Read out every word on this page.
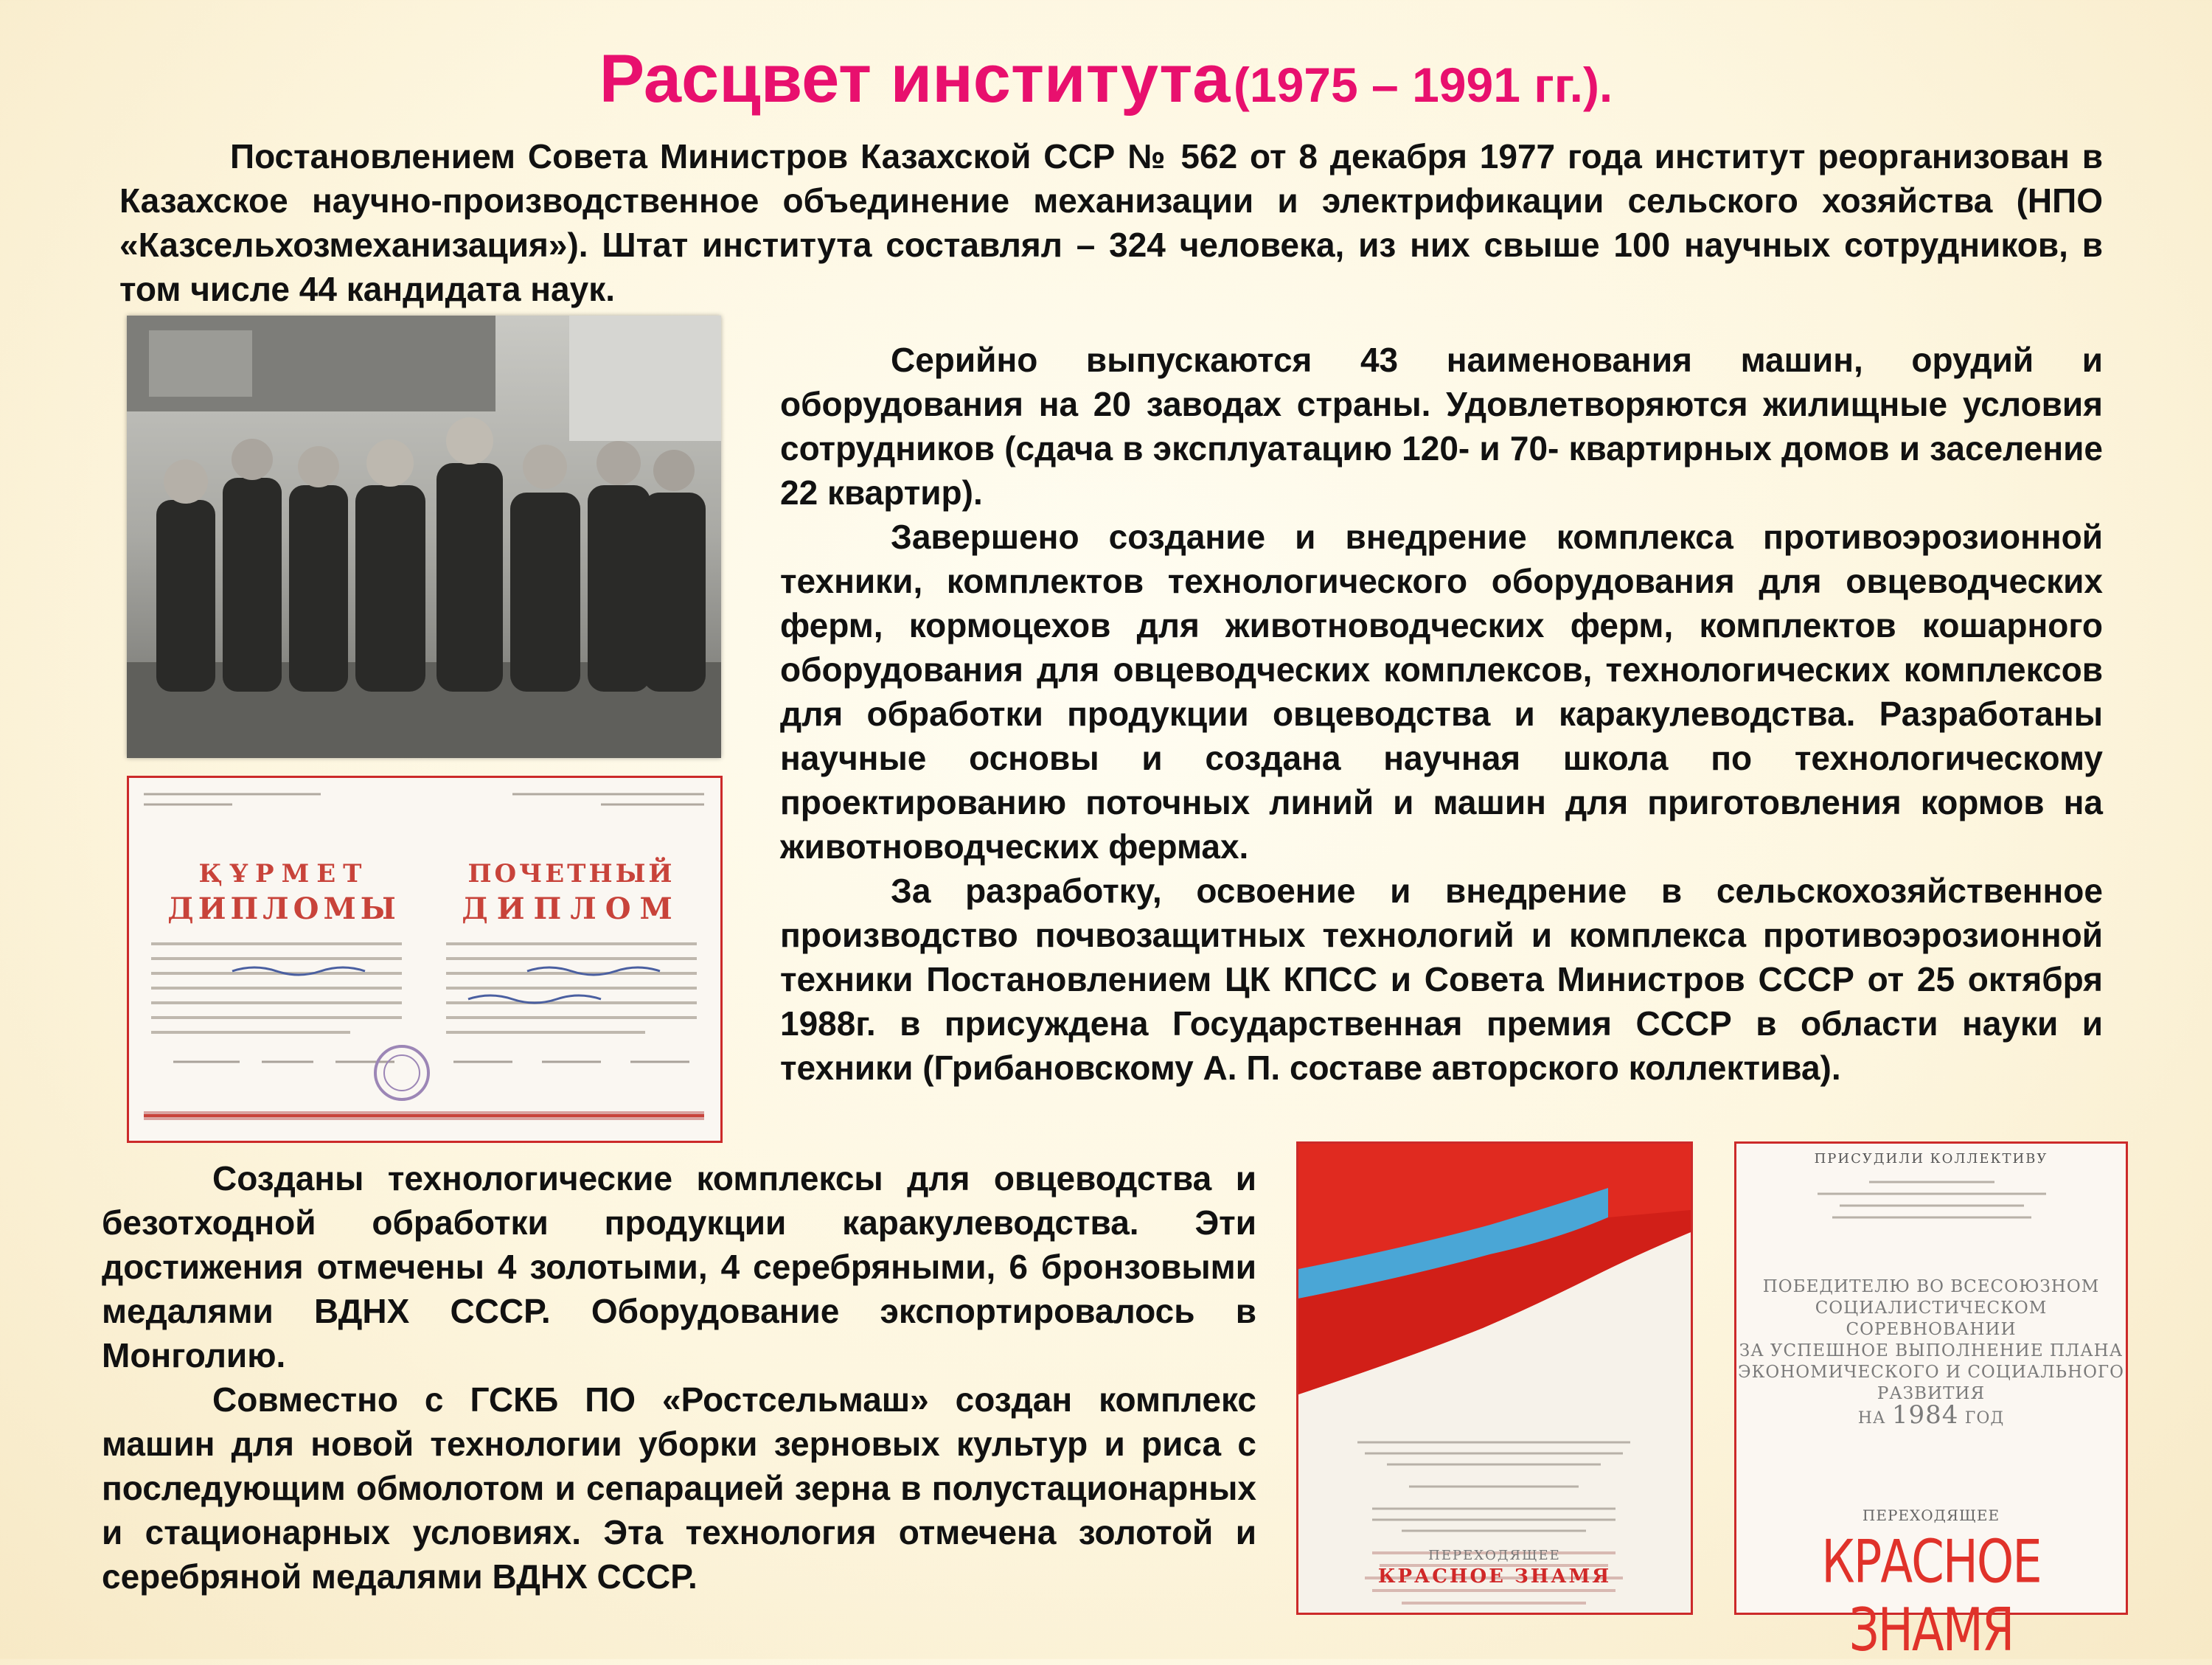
Расцвет института (1975 – 1991 гг.).

Постановлением Совета Министров Казахской ССР № 562 от 8 декабря 1977 года институт реорганизован в Казахское научно-производственное объединение механизации и электрификации сельского хозяйства (НПО «Казсельхозмеханизация»). Штат института составлял – 324 человека, из них свыше 100 научных сотрудников, в том числе 44 кандидата наук.

Серийно выпускаются 43 наименования машин, орудий и оборудования на 20 заводах страны. Удовлетворяются жилищные условия сотрудников (сдача в эксплуатацию 120- и 70- квартирных домов и заселение 22 квартир).

Завершено создание и внедрение комплекса противоэрозионной техники, комплектов технологического оборудования для овцеводческих ферм, кормоцехов для животноводческих ферм, комплектов кошарного оборудования для овцеводческих комплексов, технологических комплексов для обработки продукции овцеводства и каракулеводства. Разработаны научные основы и создана научная школа по технологическому проектированию поточных линий и машин для приготовления кормов на животноводческих фермах.

За разработку, освоение и внедрение в сельскохозяйственное производство почвозащитных технологий и комплекса противоэрозионной техники Постановлением ЦК КПСС и Совета Министров СССР от 25 октября 1988г. в присуждена Государственная премия СССР в области науки и техники (Грибановскому А. П. составе авторского коллектива).

Созданы технологические комплексы для овцеводства и безотходной обработки продукции каракулеводства. Эти достижения отмечены 4 золотыми, 4 серебряными, 6 бронзовыми медалями ВДНХ СССР. Оборудование экспортировалось в Монголию.

Совместно с ГСКБ ПО «Ростсельмаш» создан комплекс машин для новой технологии уборки зерновых культур и риса с последующим обмолотом и сепарацией зерна в полустационарных и стационарных условиях. Эта технология отмечена золотой и серебряной медалями ВДНХ СССР.

ҚҰРМЕТ
ДИПЛОМЫ
ПОЧЕТНЫЙ
ДИПЛОМ
ПЕРЕХОДЯЩЕЕ
КРАСНОЕ ЗНАМЯ
ПРИСУДИЛИ КОЛЛЕКТИВУ
ПОБЕДИТЕЛЮ ВО ВСЕСОЮЗНОМ
СОЦИАЛИСТИЧЕСКОМ СОРЕВНОВАНИИ
ЗА УСПЕШНОЕ ВЫПОЛНЕНИЕ ПЛАНА
ЭКОНОМИЧЕСКОГО И СОЦИАЛЬНОГО
РАЗВИТИЯ
НА 1984 ГОД
ПЕРЕХОДЯЩЕЕ
КРАСНОЕ ЗНАМЯ
